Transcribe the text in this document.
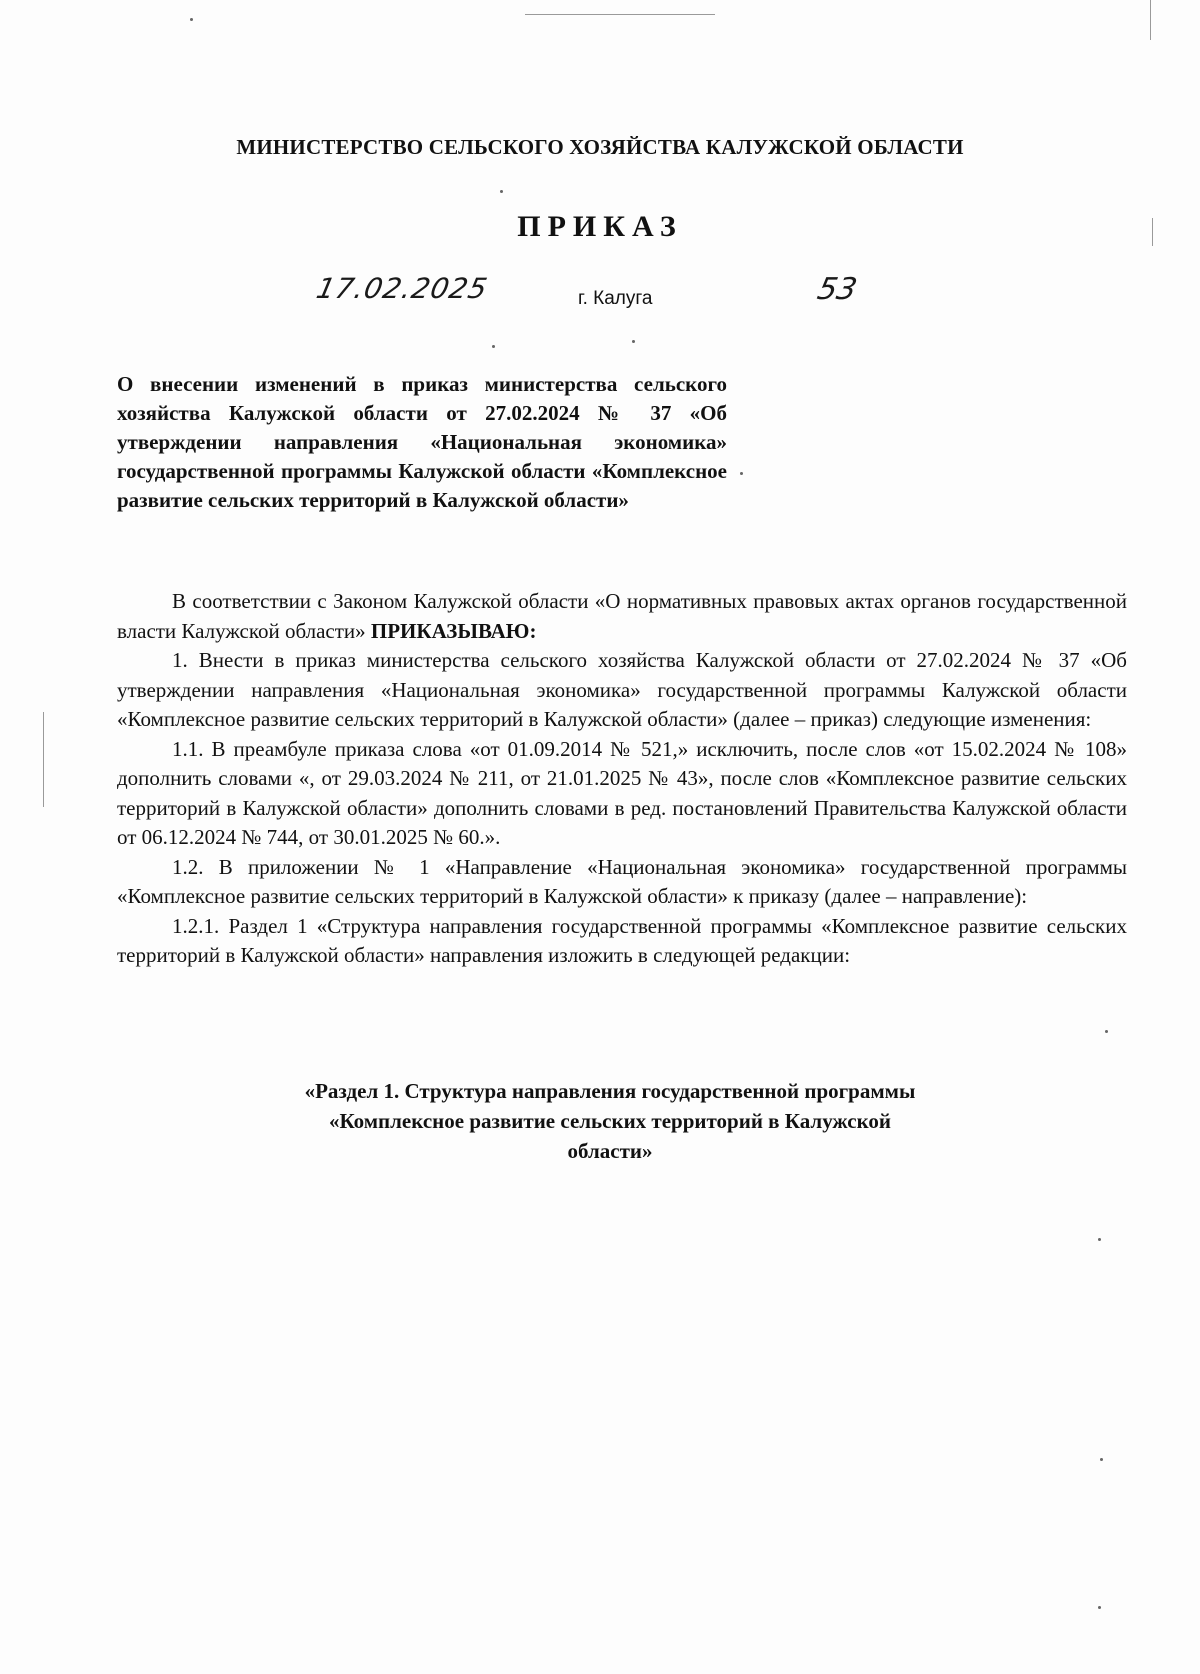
МИНИСТЕРСТВО СЕЛЬСКОГО ХОЗЯЙСТВА КАЛУЖСКОЙ ОБЛАСТИ
ПРИКАЗ
17.02.2025	г. Калуга	53
О внесении изменений в приказ министерства сельского хозяйства Калужской области от 27.02.2024 № 37 «Об утверждении направления «Национальная экономика» государственной программы Калужской области «Комплексное развитие сельских территорий в Калужской области»

В соответствии с Законом Калужской области «О нормативных правовых актах органов государственной власти Калужской области» ПРИКАЗЫВАЮ:

1. Внести в приказ министерства сельского хозяйства Калужской области от 27.02.2024 № 37 «Об утверждении направления «Национальная экономика» государственной программы Калужской области «Комплексное развитие сельских территорий в Калужской области» (далее – приказ) следующие изменения:

1.1. В преамбуле приказа слова «от 01.09.2014 № 521,» исключить, после слов «от 15.02.2024 № 108» дополнить словами «, от 29.03.2024 № 211, от 21.01.2025 № 43», после слов «Комплексное развитие сельских территорий в Калужской области» дополнить словами в ред. постановлений Правительства Калужской области от 06.12.2024 № 744, от 30.01.2025 № 60.».

1.2. В приложении № 1 «Направление «Национальная экономика» государственной программы «Комплексное развитие сельских территорий в Калужской области» к приказу (далее – направление):

1.2.1. Раздел 1 «Структура направления государственной программы «Комплексное развитие сельских территорий в Калужской области» направления изложить в следующей редакции:

«Раздел 1. Структура направления государственной программы
«Комплексное развитие сельских территорий в Калужской
области»
